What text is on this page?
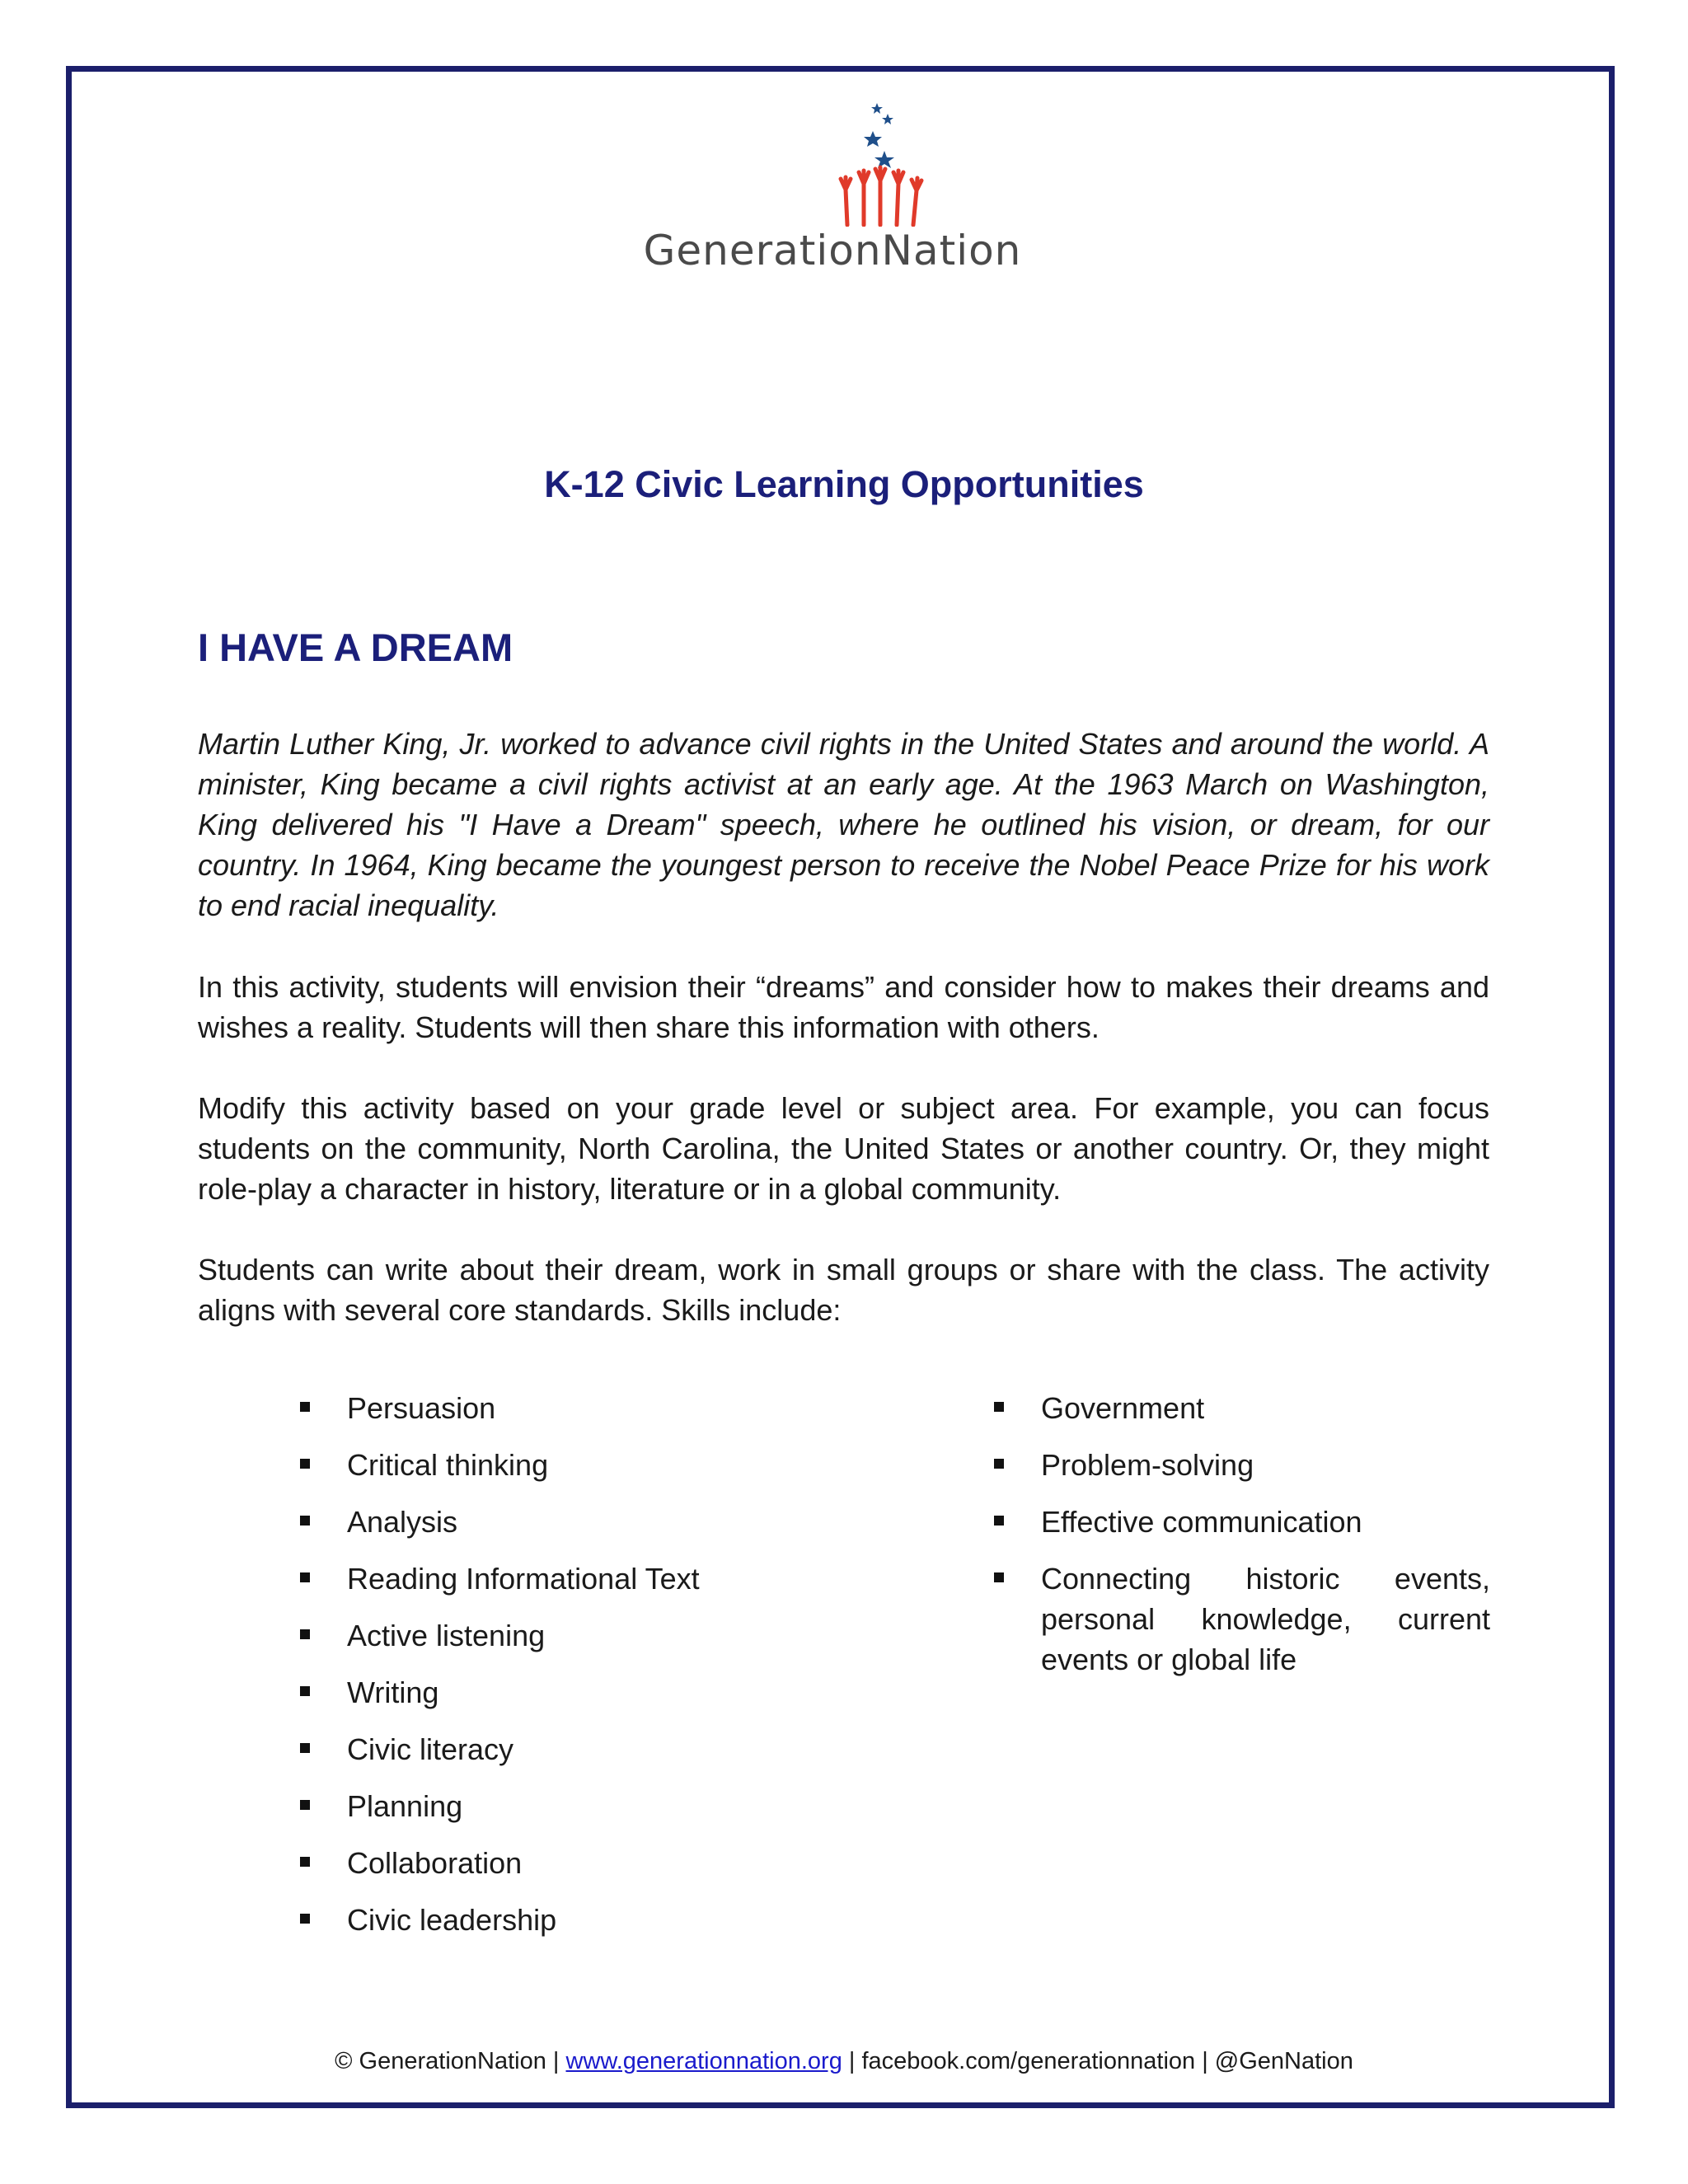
GenerationNation
K-12 Civic Learning Opportunities
I HAVE A DREAM

Martin Luther King, Jr. worked to advance civil rights in the United States and around the world. A minister, King became a civil rights activist at an early age. At the 1963 March on Washington, King delivered his "I Have a Dream" speech, where he outlined his vision, or dream, for our country. In 1964, King became the youngest person to receive the Nobel Peace Prize for his work to end racial inequality.

In this activity, students will envision their “dreams” and consider how to makes their dreams and wishes a reality. Students will then share this information with others.

Modify this activity based on your grade level or subject area. For example, you can focus students on the community, North Carolina, the United States or another country. Or, they might role-play a character in history, literature or in a global community.

Students can write about their dream, work in small groups or share with the class. The activity aligns with several core standards. Skills include:

Persuasion
Critical thinking
Analysis
Reading Informational Text
Active listening
Writing
Civic literacy
Planning
Collaboration
Civic leadership
Government
Problem-solving
Effective communication
Connecting historic events, personal knowledge, current events or global life
© GenerationNation | www.generationnation.org | facebook.com/generationnation | @GenNation
